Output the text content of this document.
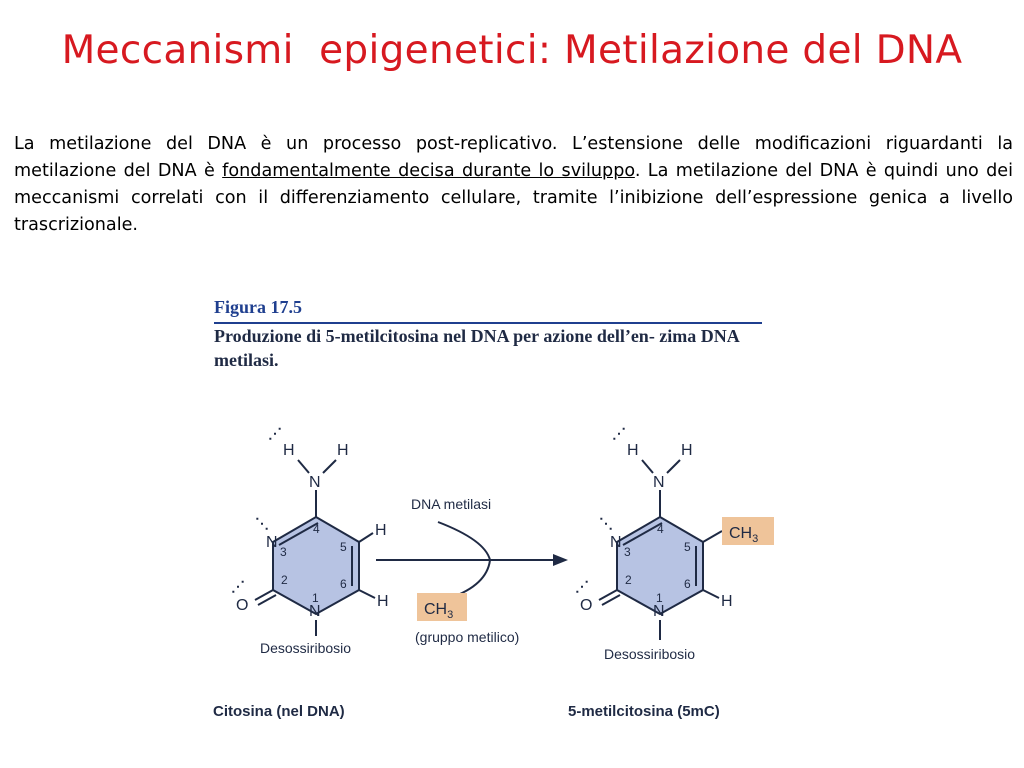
Meccanismi  epigenetici: Metilazione del DNA
La metilazione del DNA è un processo post-replicativo. L’estensione delle modificazioni riguardanti la metilazione del DNA è fondamentalmente decisa durante lo sviluppo. La metilazione del DNA è quindi uno dei meccanismi correlati con il differenziamento cellulare, tramite l’inibizione dell’espressione genica a livello trascrizionale.
Figura 17.5
Produzione di 5-metilcitosina nel DNA per azione dell’en- zima DNA metilasi.
N
H	H
⋰
H
H
O
⋰
⋱
N
N
4
3	5
2	6
1
Desossiribosio
Citosina (nel DNA)
DNA metilasi
$CH_3$
(gruppo metilico)
N
H	H
⋰
H
$CH_3$
O
⋰
⋱
N
N
4
3	5
2	6
1
Desossiribosio
5-metilcitosina (5mC)
